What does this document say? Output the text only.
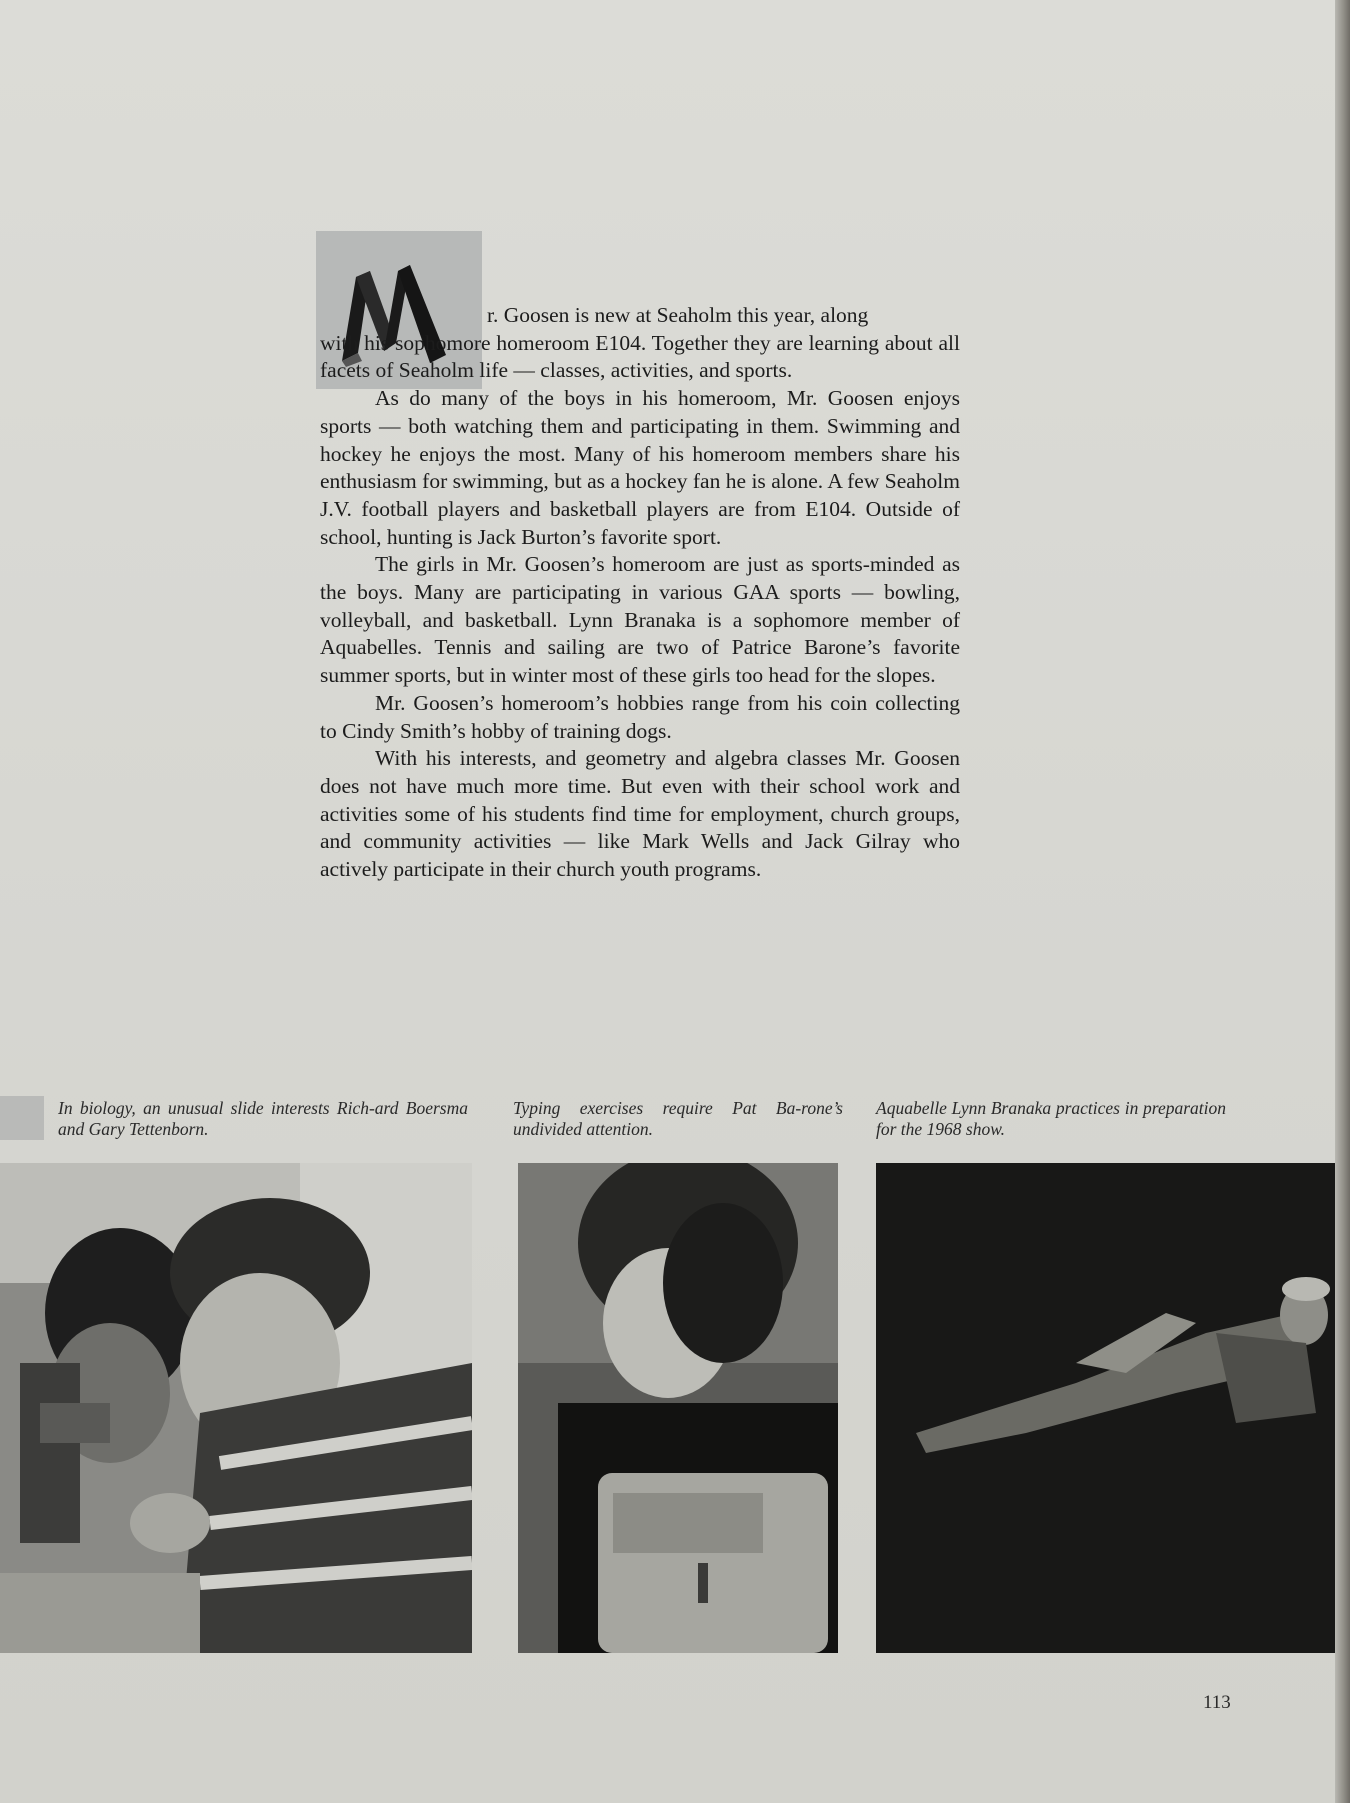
r. Goosen is new at Seaholm this year, along
with his sophomore homeroom E104. Together they are learning about all facets of Seaholm life — classes, activities, and sports.

As do many of the boys in his homeroom, Mr. Goosen enjoys sports — both watching them and participating in them. Swimming and hockey he enjoys the most. Many of his homeroom members share his enthusiasm for swimming, but as a hockey fan he is alone. A few Seaholm J.V. football players and basketball players are from E104. Outside of school, hunting is Jack Burton’s favorite sport.

The girls in Mr. Goosen’s homeroom are just as sports-minded as the boys. Many are participating in various GAA sports — bowling, volleyball, and basketball. Lynn Branaka is a sophomore member of Aquabelles. Tennis and sailing are two of Patrice Barone’s favorite summer sports, but in winter most of these girls too head for the slopes.

Mr. Goosen’s homeroom’s hobbies range from his coin collecting to Cindy Smith’s hobby of training dogs.

With his interests, and geometry and algebra classes Mr. Goosen does not have much more time. But even with their school work and activities some of his students find time for employment, church groups, and community activities — like Mark Wells and Jack Gilray who actively participate in their church youth programs.

In biology, an unusual slide interests Rich-ard Boersma and Gary Tettenborn.
Typing exercises require Pat Ba-rone’s undivided attention.
Aquabelle Lynn Branaka practices in preparation for the 1968 show.
113
